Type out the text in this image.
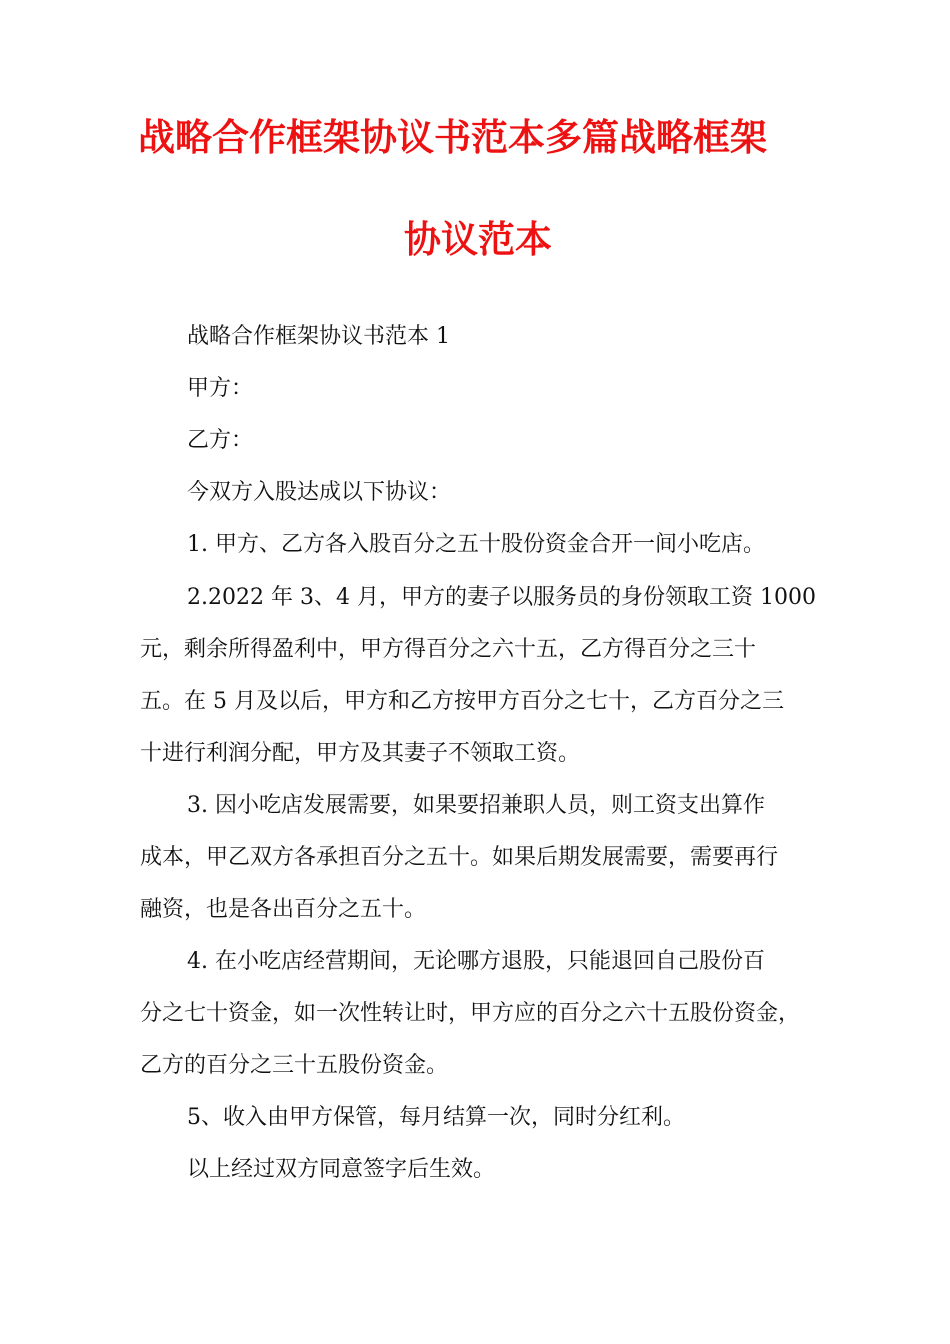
战略合作框架协议书范本多篇战略框架
协议范本
战略合作框架协议书范本 1
甲方：
乙方：
今双方入股达成以下协议：
1. 甲方、乙方各入股百分之五十股份资金合开一间小吃店。
2.2022 年 3、4 月，甲方的妻子以服务员的身份领取工资 1000
元，剩余所得盈利中，甲方得百分之六十五，乙方得百分之三十
五。在 5 月及以后，甲方和乙方按甲方百分之七十，乙方百分之三
十进行利润分配，甲方及其妻子不领取工资。
3. 因小吃店发展需要，如果要招兼职人员，则工资支出算作
成本，甲乙双方各承担百分之五十。如果后期发展需要，需要再行
融资，也是各出百分之五十。
4. 在小吃店经营期间，无论哪方退股，只能退回自己股份百
分之七十资金，如一次性转让时，甲方应的百分之六十五股份资金，
乙方的百分之三十五股份资金。
5、收入由甲方保管，每月结算一次，同时分红利。
以上经过双方同意签字后生效。
